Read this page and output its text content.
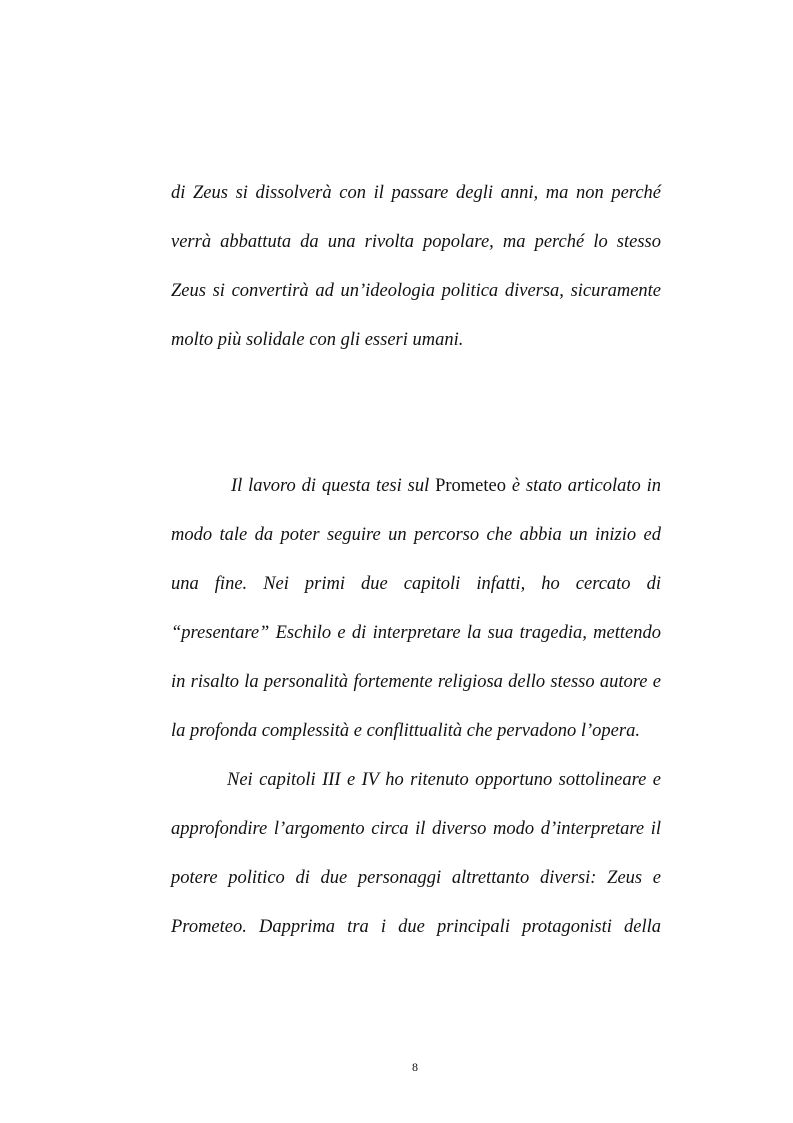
di Zeus si dissolverà con il passare degli anni, ma non perché
verrà abbattuta da una rivolta popolare, ma perché lo stesso
Zeus si convertirà ad un’ideologia politica diversa, sicuramente
molto più solidale con gli esseri umani.
Il lavoro di questa tesi sul Prometeo è stato articolato in
modo tale da poter seguire un percorso che abbia un inizio ed
una fine. Nei primi due capitoli infatti, ho cercato di
“presentare” Eschilo e di interpretare la sua tragedia, mettendo
in risalto la personalità fortemente religiosa dello stesso autore e
la profonda complessità e conflittualità che pervadono l’opera.
Nei capitoli III e IV ho ritenuto opportuno sottolineare e
approfondire l’argomento circa il diverso modo d’interpretare il
potere politico di due personaggi altrettanto diversi: Zeus e
Prometeo. Dapprima tra i due principali protagonisti della
8
